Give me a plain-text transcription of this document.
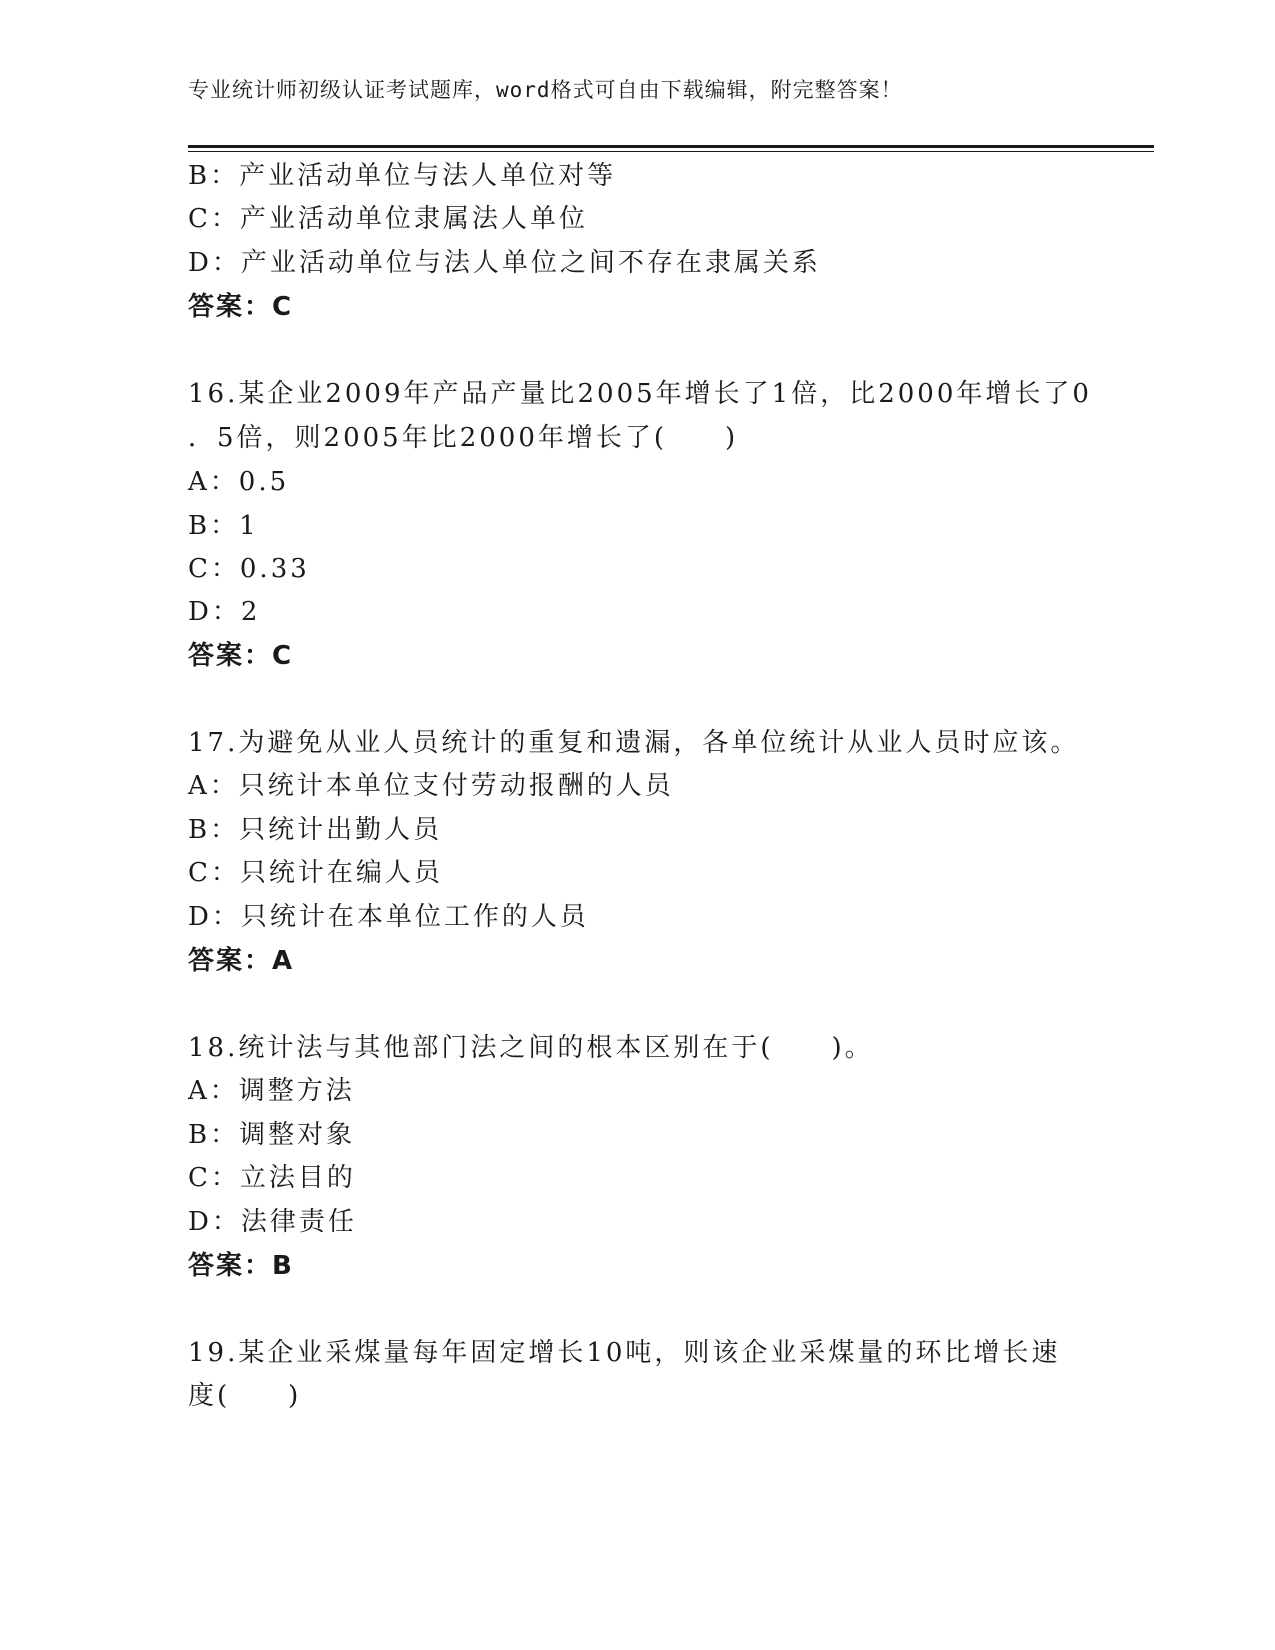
专业统计师初级认证考试题库，word格式可自由下载编辑，附完整答案！
B：产业活动单位与法人单位对等
C：产业活动单位隶属法人单位
D：产业活动单位与法人单位之间不存在隶属关系
答案：C
16.某企业2009年产品产量比2005年增长了1倍，比2000年增长了0
．5倍，则2005年比2000年增长了(　　)
A：0.5
B：1
C：0.33
D：2
答案：C
17.为避免从业人员统计的重复和遗漏，各单位统计从业人员时应该。
A：只统计本单位支付劳动报酬的人员
B：只统计出勤人员
C：只统计在编人员
D：只统计在本单位工作的人员
答案：A
18.统计法与其他部门法之间的根本区别在于(　　)。
A：调整方法
B：调整对象
C：立法目的
D：法律责任
答案：B
19.某企业采煤量每年固定增长10吨，则该企业采煤量的环比增长速
度(　　)
